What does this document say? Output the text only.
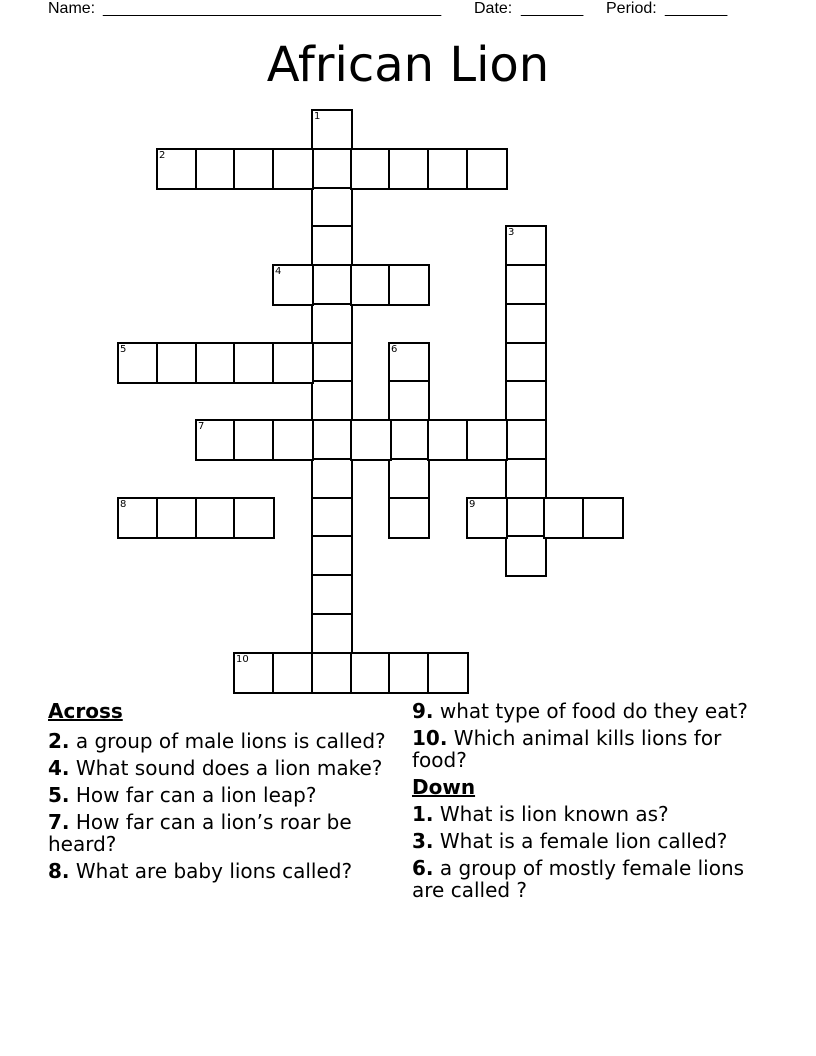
Name: ______________________________________ Date: _______ Period: _______
African Lion
1
2
3
4
5	6
7
8	9
10
Across
2. a group of male lions is called?
4. What sound does a lion make?
5. How far can a lion leap?
7. How far can a lion’s roar be heard?
8. What are baby lions called?
9. what type of food do they eat?
10. Which animal kills lions for food?
Down
1. What is lion known as?
3. What is a female lion called?
6. a group of mostly female lions are called ?
